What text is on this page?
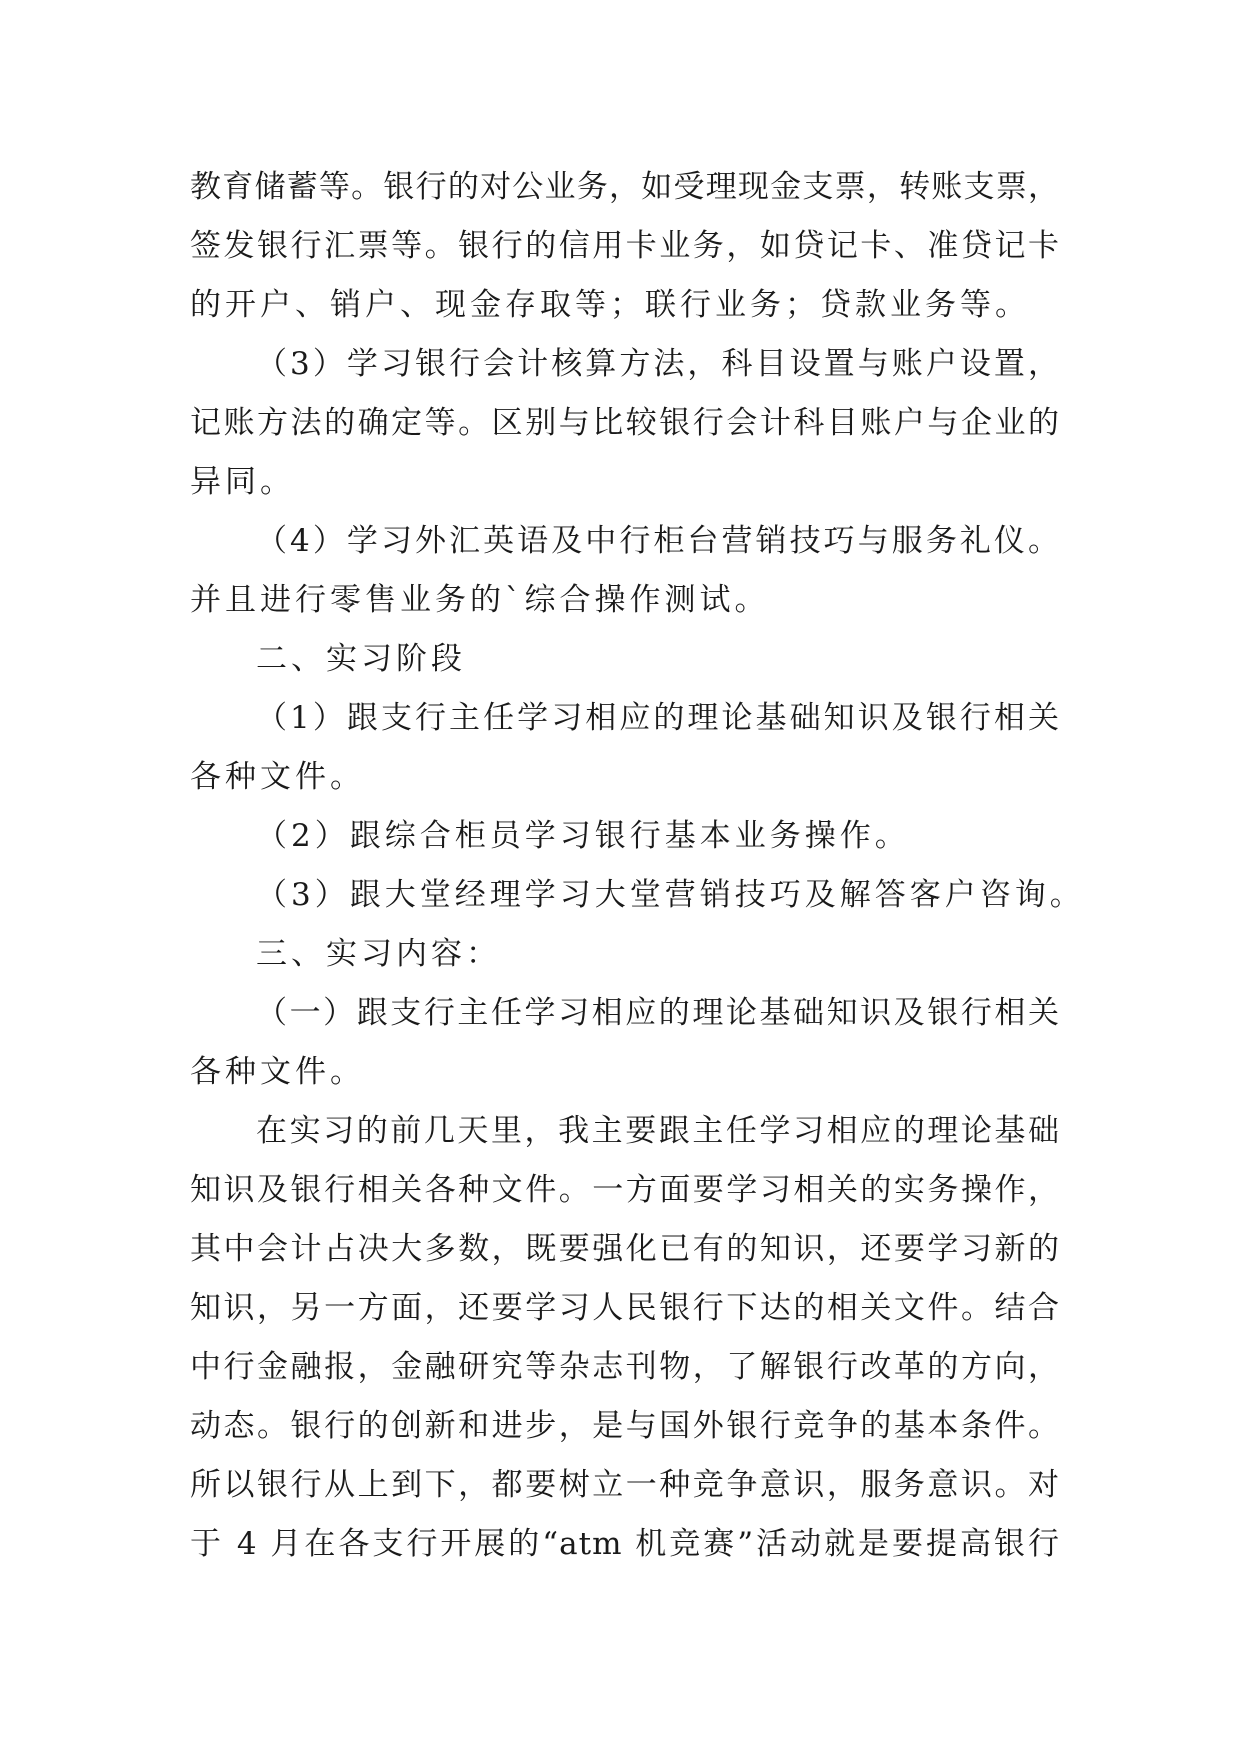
教育储蓄等。银行的对公业务，如受理现金支票，转账支票，
签发银行汇票等。银行的信用卡业务，如贷记卡、准贷记卡
的开户、销户、现金存取等；联行业务；贷款业务等。
（3）学习银行会计核算方法，科目设置与账户设置，
记账方法的确定等。区别与比较银行会计科目账户与企业的
异同。
（4）学习外汇英语及中行柜台营销技巧与服务礼仪。
并且进行零售业务的`综合操作测试。
二、实习阶段
（1）跟支行主任学习相应的理论基础知识及银行相关
各种文件。
（2）跟综合柜员学习银行基本业务操作。
（3）跟大堂经理学习大堂营销技巧及解答客户咨询。
三、实习内容：
（一）跟支行主任学习相应的理论基础知识及银行相关
各种文件。
在实习的前几天里，我主要跟主任学习相应的理论基础
知识及银行相关各种文件。一方面要学习相关的实务操作，
其中会计占决大多数，既要强化已有的知识，还要学习新的
知识，另一方面，还要学习人民银行下达的相关文件。结合
中行金融报，金融研究等杂志刊物，了解银行改革的方向，
动态。银行的创新和进步，是与国外银行竞争的基本条件。
所以银行从上到下，都要树立一种竞争意识，服务意识。对
于 4 月在各支行开展的“atm 机竞赛”活动就是要提高银行
